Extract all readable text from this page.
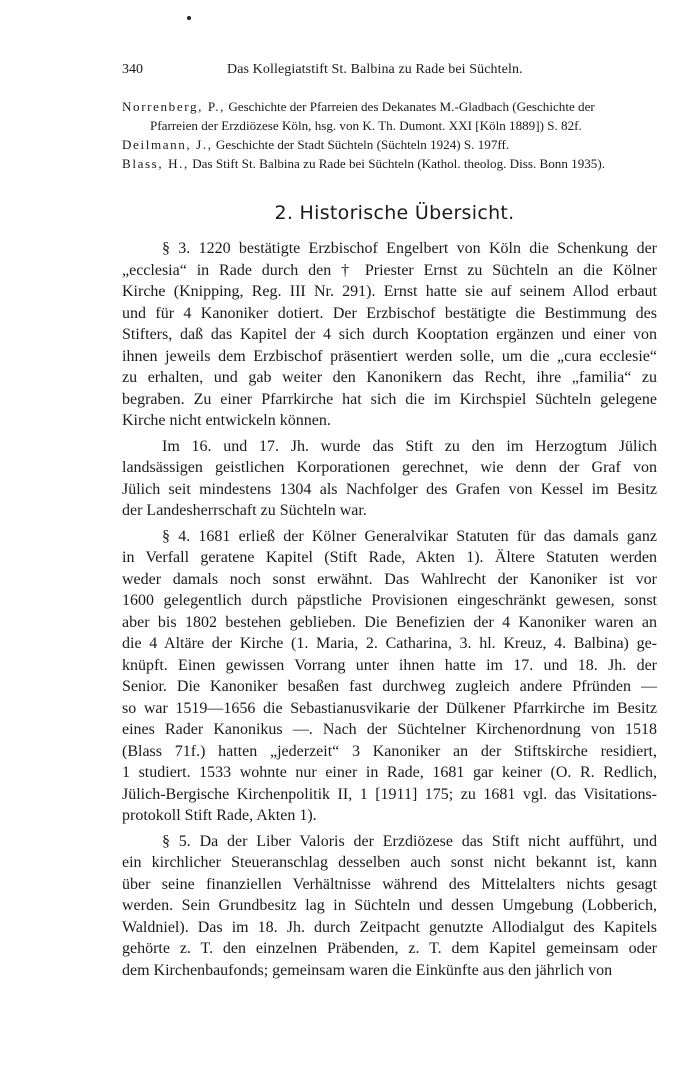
340	Das Kollegiatstift St. Balbina zu Rade bei Süchteln.

Norrenberg, P., Geschichte der Pfarreien des Dekanates M.-Gladbach (Geschichte der
Pfarreien der Erzdiözese Köln, hsg. von K. Th. Dumont. XXI [Köln 1889]) S. 82f.

Deilmann, J., Geschichte der Stadt Süchteln (Süchteln 1924) S. 197ff.

Blass, H., Das Stift St. Balbina zu Rade bei Süchteln (Kathol. theolog. Diss. Bonn 1935).

2. Historische Übersicht.

§ 3. 1220 bestätigte Erzbischof Engelbert von Köln die Schenkung der
„ecclesia“ in Rade durch den † Priester Ernst zu Süchteln an die Kölner
Kirche (Knipping, Reg. III Nr. 291). Ernst hatte sie auf seinem Allod erbaut
und für 4 Kanoniker dotiert. Der Erzbischof bestätigte die Bestimmung des
Stifters, daß das Kapitel der 4 sich durch Kooptation ergänzen und einer von
ihnen jeweils dem Erzbischof präsentiert werden solle, um die „cura ecclesie“
zu erhalten, und gab weiter den Kanonikern das Recht, ihre „familia“ zu
begraben. Zu einer Pfarrkirche hat sich die im Kirchspiel Süchteln gelegene
Kirche nicht entwickeln können.

Im 16. und 17. Jh. wurde das Stift zu den im Herzogtum Jülich
landsässigen geistlichen Korporationen gerechnet, wie denn der Graf von
Jülich seit mindestens 1304 als Nachfolger des Grafen von Kessel im Besitz
der Landesherrschaft zu Süchteln war.

§ 4. 1681 erließ der Kölner Generalvikar Statuten für das damals ganz
in Verfall geratene Kapitel (Stift Rade, Akten 1). Ältere Statuten werden
weder damals noch sonst erwähnt. Das Wahlrecht der Kanoniker ist vor
1600 gelegentlich durch päpstliche Provisionen eingeschränkt gewesen, sonst
aber bis 1802 bestehen geblieben. Die Benefizien der 4 Kanoniker waren an
die 4 Altäre der Kirche (1. Maria, 2. Catharina, 3. hl. Kreuz, 4. Balbina) ge-
knüpft. Einen gewissen Vorrang unter ihnen hatte im 17. und 18. Jh. der
Senior. Die Kanoniker besaßen fast durchweg zugleich andere Pfründen —
so war 1519—1656 die Sebastianusvikarie der Dülkener Pfarrkirche im Besitz
eines Rader Kanonikus —. Nach der Süchtelner Kirchenordnung von 1518
(Blass 71f.) hatten „jederzeit“ 3 Kanoniker an der Stiftskirche residiert,
1 studiert. 1533 wohnte nur einer in Rade, 1681 gar keiner (O. R. Redlich,
Jülich-Bergische Kirchenpolitik II, 1 [1911] 175; zu 1681 vgl. das Visitations-
protokoll Stift Rade, Akten 1).

§ 5. Da der Liber Valoris der Erzdiözese das Stift nicht aufführt, und
ein kirchlicher Steueranschlag desselben auch sonst nicht bekannt ist, kann
über seine finanziellen Verhältnisse während des Mittelalters nichts gesagt
werden. Sein Grundbesitz lag in Süchteln und dessen Umgebung (Lobberich,
Waldniel). Das im 18. Jh. durch Zeitpacht genutzte Allodialgut des Kapitels
gehörte z. T. den einzelnen Präbenden, z. T. dem Kapitel gemeinsam oder
dem Kirchenbaufonds; gemeinsam waren die Einkünfte aus den jährlich von
